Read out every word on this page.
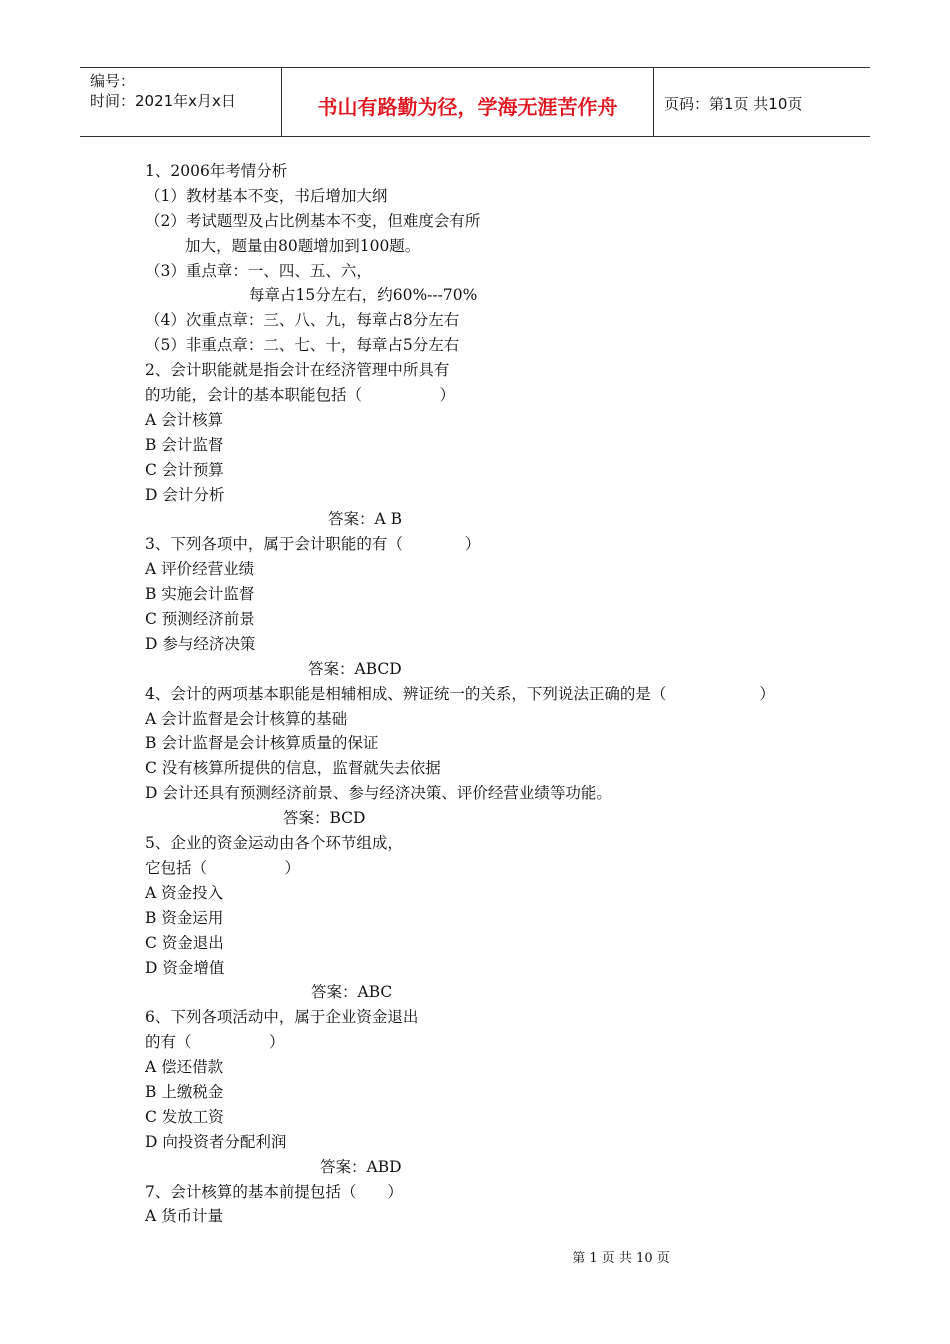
编号：
时间：2021年x月x日	书山有路勤为径，学海无涯苦作舟	页码：第1页 共10页
1、2006年考情分析
（1）教材基本不变，书后增加大纲
（2）考试题型及占比例基本不变，但难度会有所
加大，题量由80题增加到100题。
（3）重点章：一、四、五、六，
每章占15分左右，约60%---70%
（4）次重点章：三、八、九，每章占8分左右
（5）非重点章：二、七、十，每章占5分左右
2、会计职能就是指会计在经济管理中所具有
的功能，会计的基本职能包括（　　　　　）
A 会计核算
B 会计监督
C 会计预算
D 会计分析
答案：A B
3、下列各项中，属于会计职能的有（　　　　）
A 评价经营业绩
B 实施会计监督
C 预测经济前景
D 参与经济决策
答案：ABCD
4、会计的两项基本职能是相辅相成、辨证统一的关系，下列说法正确的是（　　　　　　）
A 会计监督是会计核算的基础
B 会计监督是会计核算质量的保证
C 没有核算所提供的信息，监督就失去依据
D 会计还具有预测经济前景、参与经济决策、评价经营业绩等功能。
答案：BCD
5、企业的资金运动由各个环节组成，
它包括（　　　　　）
A 资金投入
B 资金运用
C 资金退出
D 资金增值
答案：ABC
6、下列各项活动中，属于企业资金退出
的有（　　　　　）
A 偿还借款
B 上缴税金
C 发放工资
D 向投资者分配利润
答案：ABD
7、会计核算的基本前提包括（　　）
A 货币计量
第 1 页 共 10 页
